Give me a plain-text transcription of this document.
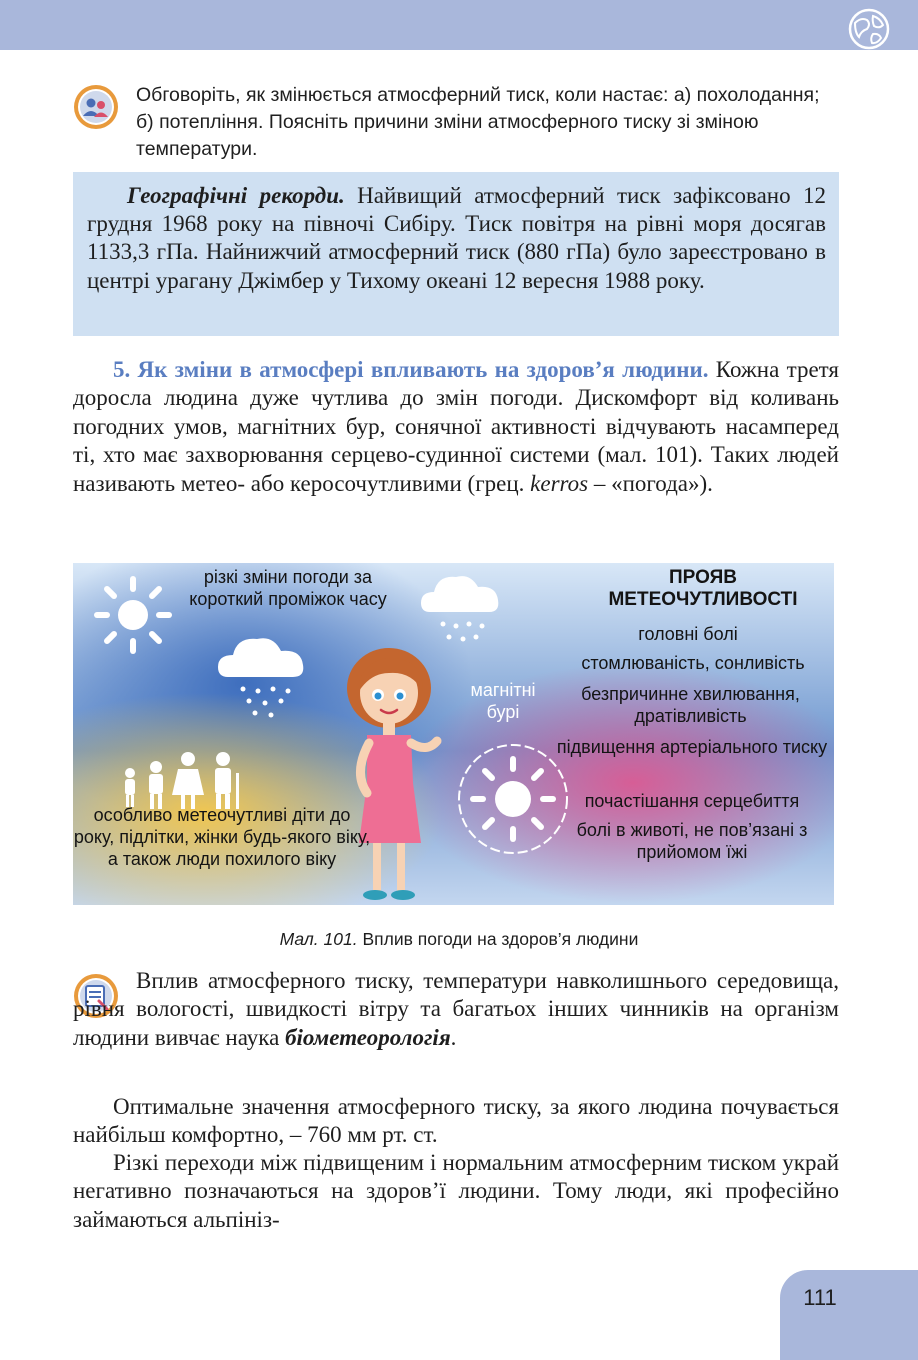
Обговоріть, як змінюється атмосферний тиск, коли настає: а) похолодання; б) потепління. Поясніть причини зміни атмосферного тиску зі зміною температури.
Географічні рекорди. Найвищий атмосферний тиск зафіксовано 12 грудня 1968 року на півночі Сибіру. Тиск повітря на рівні моря досягав 1133,3 гПа. Найнижчий атмосферний тиск (880 гПа) було зареєстровано в центрі урагану Джімбер у Тихому океані 12 вересня 1988 року.
5. Як зміни в атмосфері впливають на здоров’я людини. Кожна третя доросла людина дуже чутлива до змін погоди. Дискомфорт від коливань погодних умов, магнітних бур, сонячної активності відчувають насамперед ті, хто має захворювання серцево-судинної системи (мал. 101). Таких людей називають метео- або керосочутливими (грец. kerros – «погода»).
різкі зміни погоди за короткий проміжок часу
магнітні бурі
особливо метеочутливі діти до року, підлітки, жінки будь-якого віку, а також люди похилого віку
ПРОЯВ МЕТЕОЧУТЛИВОСТІ
головні болі
стомлюваність, сонливість
безпричинне хвилювання, дратівливість
підвищення артеріального тиску
почастішання серцебиття
болі в животі, не пов’язані з прийомом їжі
Мал. 101. Вплив погоди на здоров’я людини
Вплив атмосферного тиску, температури навколишнього середовища, рівня вологості, швидкості вітру та багатьох інших чинників на організм людини вивчає наука біометеорологія.
Оптимальне значення атмосферного тиску, за якого людина почувається найбільш комфортно, – 760 мм рт. ст.
Різкі переходи між підвищеним і нормальним атмосферним тиском украй негативно позначаються на здоров’ї людини. Тому люди, які професійно займаються альпініз-
111
